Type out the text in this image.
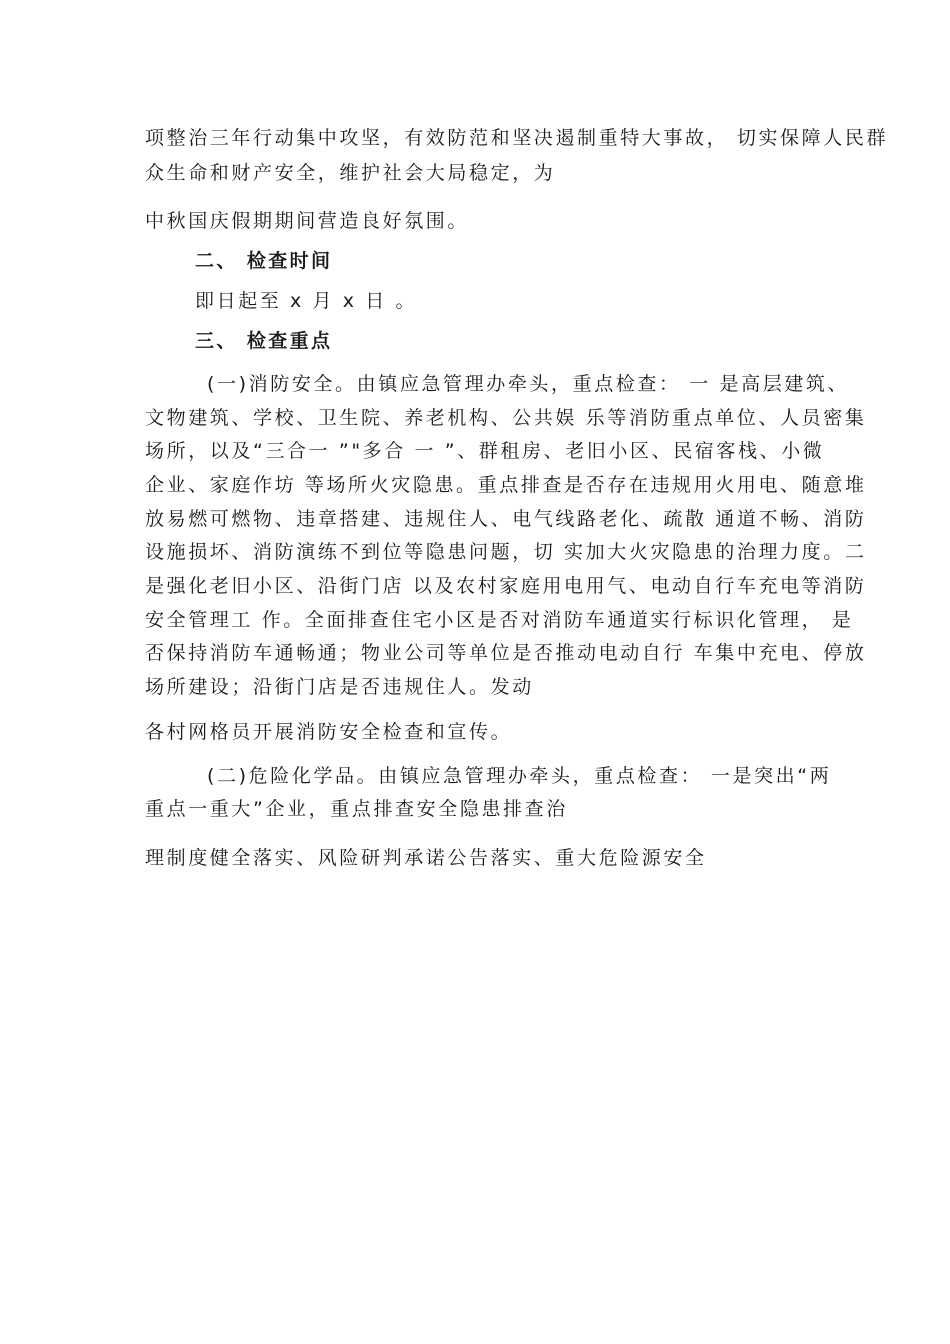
项整治三年行动集中攻坚，有效防范和坚决遏制重特大事故， 切实保障人民群
众生命和财产安全，维护社会大局稳定，为
中秋国庆假期期间营造良好氛围。
二、 检查时间
即日起至 x 月 x 日 。
三、 检查重点
(一)消防安全。由镇应急管理办牵头，重点检查： 一 是高层建筑、
文物建筑、学校、卫生院、养老机构、公共娱 乐等消防重点单位、人员密集
场所，以及“三合一 ”"多合 一 ”、群租房、老旧小区、民宿客栈、小微
企业、家庭作坊 等场所火灾隐患。重点排查是否存在违规用火用电、随意堆
放易燃可燃物、违章搭建、违规住人、电气线路老化、疏散 通道不畅、消防
设施损坏、消防演练不到位等隐患问题，切 实加大火灾隐患的治理力度。二
是强化老旧小区、沿街门店 以及农村家庭用电用气、电动自行车充电等消防
安全管理工 作。全面排查住宅小区是否对消防车通道实行标识化管理， 是
否保持消防车通畅通；物业公司等单位是否推动电动自行 车集中充电、停放
场所建设；沿街门店是否违规住人。发动
各村网格员开展消防安全检查和宣传。
(二)危险化学品。由镇应急管理办牵头，重点检查： 一是突出“两
重点一重大”企业，重点排查安全隐患排查治
理制度健全落实、风险研判承诺公告落实、重大危险源安全
